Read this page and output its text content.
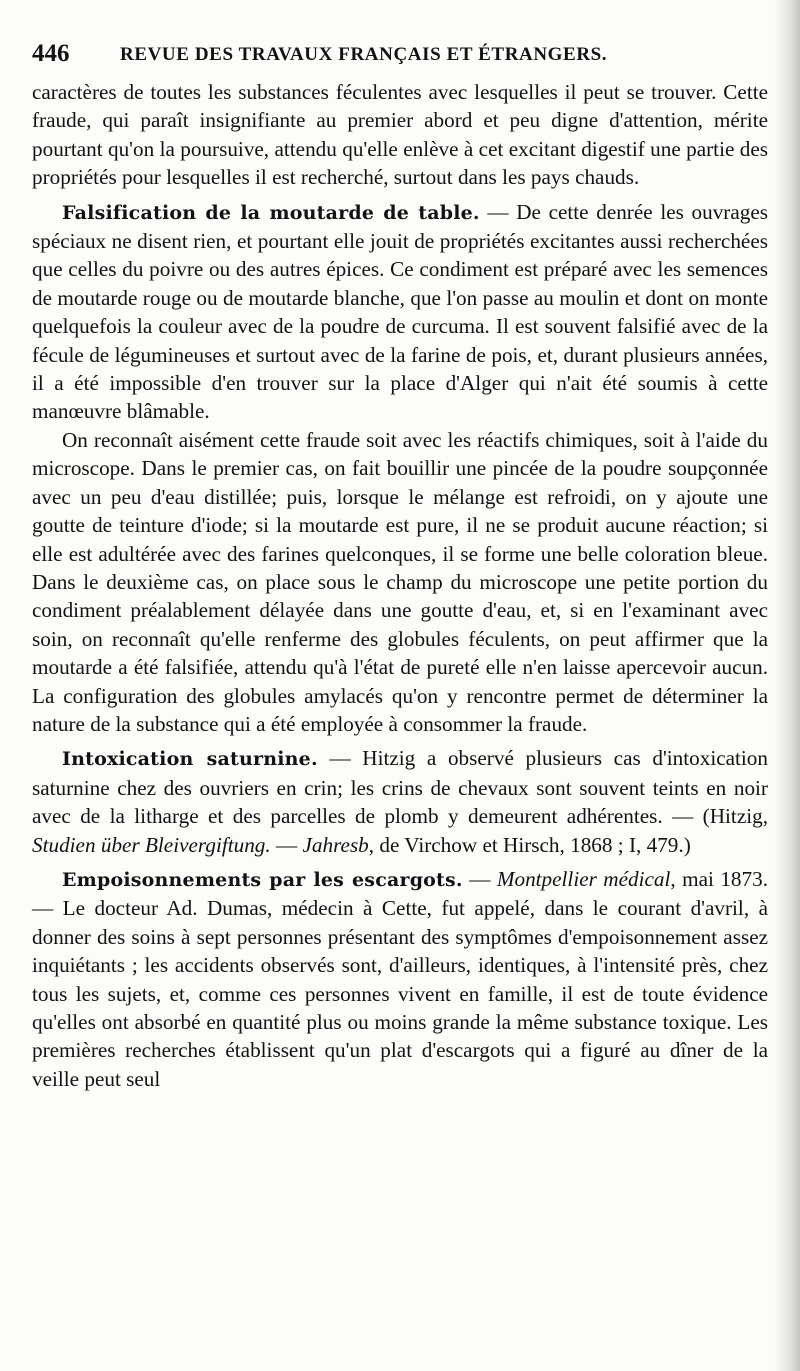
446	REVUE DES TRAVAUX FRANÇAIS ET ÉTRANGERS.

caractères de toutes les substances féculentes avec lesquelles il peut se trouver. Cette fraude, qui paraît insignifiante au premier abord et peu digne d'attention, mérite pourtant qu'on la poursuive, attendu qu'elle enlève à cet excitant digestif une partie des propriétés pour lesquelles il est recherché, surtout dans les pays chauds.

Falsification de la moutarde de table. — De cette denrée les ouvrages spéciaux ne disent rien, et pourtant elle jouit de propriétés excitantes aussi recherchées que celles du poivre ou des autres épices. Ce condiment est préparé avec les semences de moutarde rouge ou de moutarde blanche, que l'on passe au moulin et dont on monte quelquefois la couleur avec de la poudre de curcuma. Il est souvent falsifié avec de la fécule de légumineuses et surtout avec de la farine de pois, et, durant plusieurs années, il a été impossible d'en trouver sur la place d'Alger qui n'ait été soumis à cette manœuvre blâmable.

On reconnaît aisément cette fraude soit avec les réactifs chimiques, soit à l'aide du microscope. Dans le premier cas, on fait bouillir une pincée de la poudre soupçonnée avec un peu d'eau distillée; puis, lorsque le mélange est refroidi, on y ajoute une goutte de teinture d'iode; si la moutarde est pure, il ne se produit aucune réaction; si elle est adultérée avec des farines quelconques, il se forme une belle coloration bleue. Dans le deuxième cas, on place sous le champ du microscope une petite portion du condiment préalablement délayée dans une goutte d'eau, et, si en l'examinant avec soin, on reconnaît qu'elle renferme des globules féculents, on peut affirmer que la moutarde a été falsifiée, attendu qu'à l'état de pureté elle n'en laisse apercevoir aucun. La configuration des globules amylacés qu'on y rencontre permet de déterminer la nature de la substance qui a été employée à consommer la fraude.

Intoxication saturnine. — Hitzig a observé plusieurs cas d'intoxication saturnine chez des ouvriers en crin; les crins de chevaux sont souvent teints en noir avec de la litharge et des parcelles de plomb y demeurent adhérentes. — (Hitzig, Studien über Bleivergiftung. — Jahresb, de Virchow et Hirsch, 1868 ; I, 479.)

Empoisonnements par les escargots. — Montpellier médical, mai 1873. — Le docteur Ad. Dumas, médecin à Cette, fut appelé, dans le courant d'avril, à donner des soins à sept personnes présentant des symptômes d'empoisonnement assez inquiétants ; les accidents observés sont, d'ailleurs, identiques, à l'intensité près, chez tous les sujets, et, comme ces personnes vivent en famille, il est de toute évidence qu'elles ont absorbé en quantité plus ou moins grande la même substance toxique. Les premières recherches établissent qu'un plat d'escargots qui a figuré au dîner de la veille peut seul
